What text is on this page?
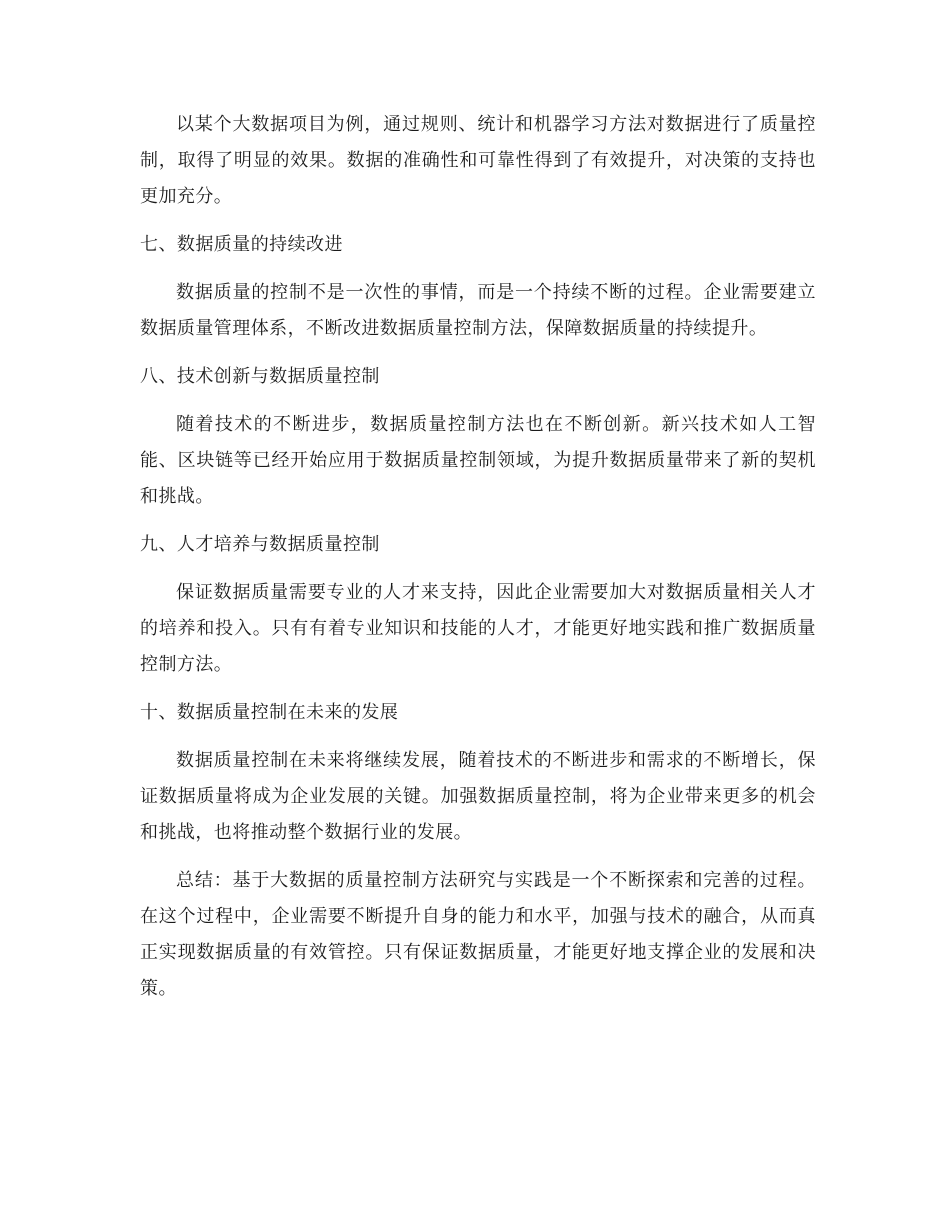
以某个大数据项目为例，通过规则、统计和机器学习方法对数据进行了质量控制，取得了明显的效果。数据的准确性和可靠性得到了有效提升，对决策的支持也更加充分。

七、数据质量的持续改进

数据质量的控制不是一次性的事情，而是一个持续不断的过程。企业需要建立数据质量管理体系，不断改进数据质量控制方法，保障数据质量的持续提升。

八、技术创新与数据质量控制

随着技术的不断进步，数据质量控制方法也在不断创新。新兴技术如人工智能、区块链等已经开始应用于数据质量控制领域，为提升数据质量带来了新的契机和挑战。

九、人才培养与数据质量控制

保证数据质量需要专业的人才来支持，因此企业需要加大对数据质量相关人才的培养和投入。只有有着专业知识和技能的人才，才能更好地实践和推广数据质量控制方法。

十、数据质量控制在未来的发展

数据质量控制在未来将继续发展，随着技术的不断进步和需求的不断增长，保证数据质量将成为企业发展的关键。加强数据质量控制，将为企业带来更多的机会和挑战，也将推动整个数据行业的发展。

总结：基于大数据的质量控制方法研究与实践是一个不断探索和完善的过程。在这个过程中，企业需要不断提升自身的能力和水平，加强与技术的融合，从而真正实现数据质量的有效管控。只有保证数据质量，才能更好地支撑企业的发展和决策。
